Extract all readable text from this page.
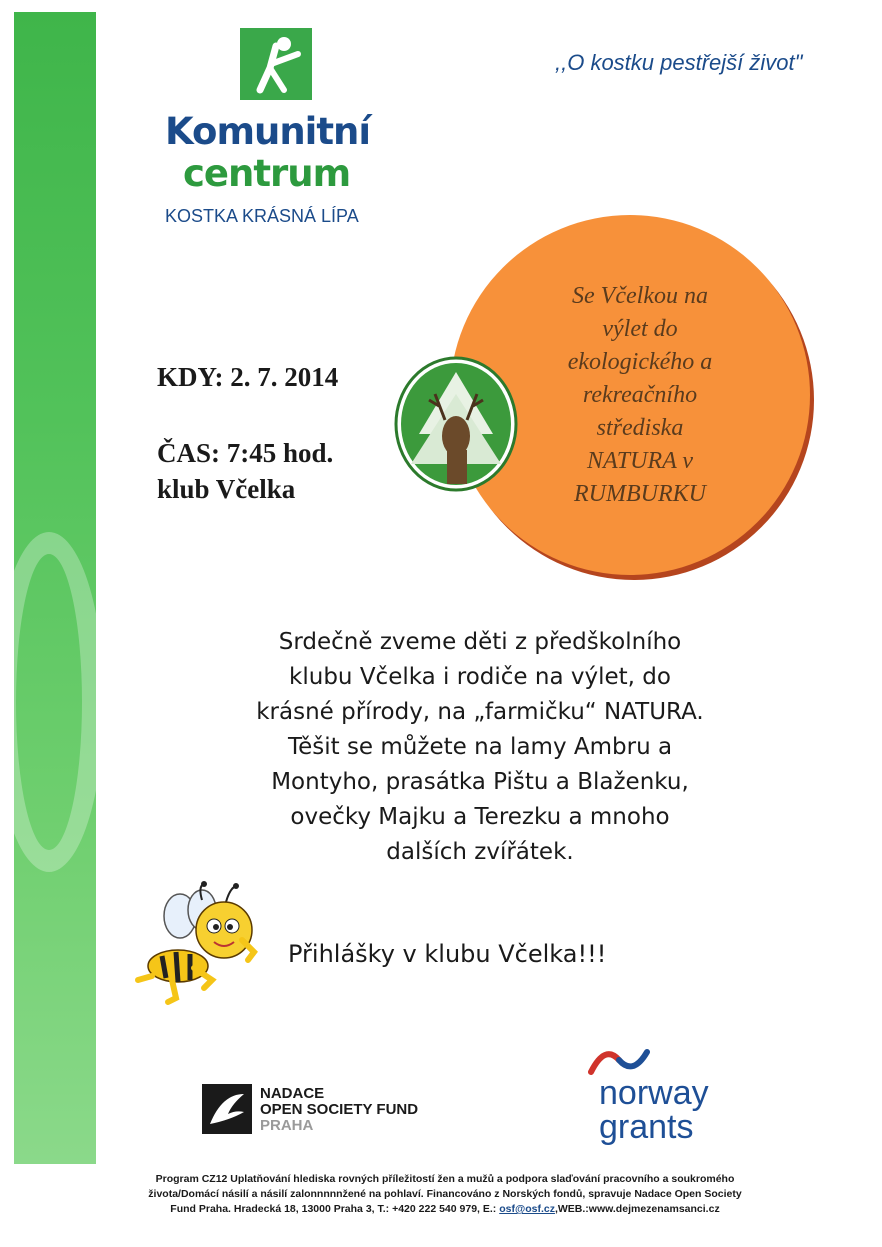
Komunitní
centrum
KOSTKA KRÁSNÁ LÍPA
,,O kostku pestřejší život"
Se Včelkou na
výlet do
ekologického a
rekreačního
střediska
NATURA v
RUMBURKU
KDY: 2. 7. 2014
ČAS: 7:45 hod.
klub Včelka
Srdečně zveme děti z předškolního
klubu Včelka i rodiče na výlet, do
krásné přírody, na „farmičku“ NATURA.
Těšit se můžete na lamy Ambru a
Montyho, prasátka Pištu a Blaženku,
ovečky Majku a Terezku a mnoho
dalších zvířátek.
Přihlášky v klubu Včelka!!!
NADACE
OPEN SOCIETY FUND
PRAHA
norway
grants
Program CZ12 Uplatňování hlediska rovných příležitostí žen a mužů a podpora slaďování pracovního a soukromého
života/Domácí násilí a násilí zalonnnnnžené na pohlaví. Financováno z Norských fondů, spravuje Nadace Open Society
Fund Praha. Hradecká 18, 13000 Praha 3, T.: +420 222 540 979, E.: osf@osf.cz,WEB.:www.dejmezenamsanci.cz
